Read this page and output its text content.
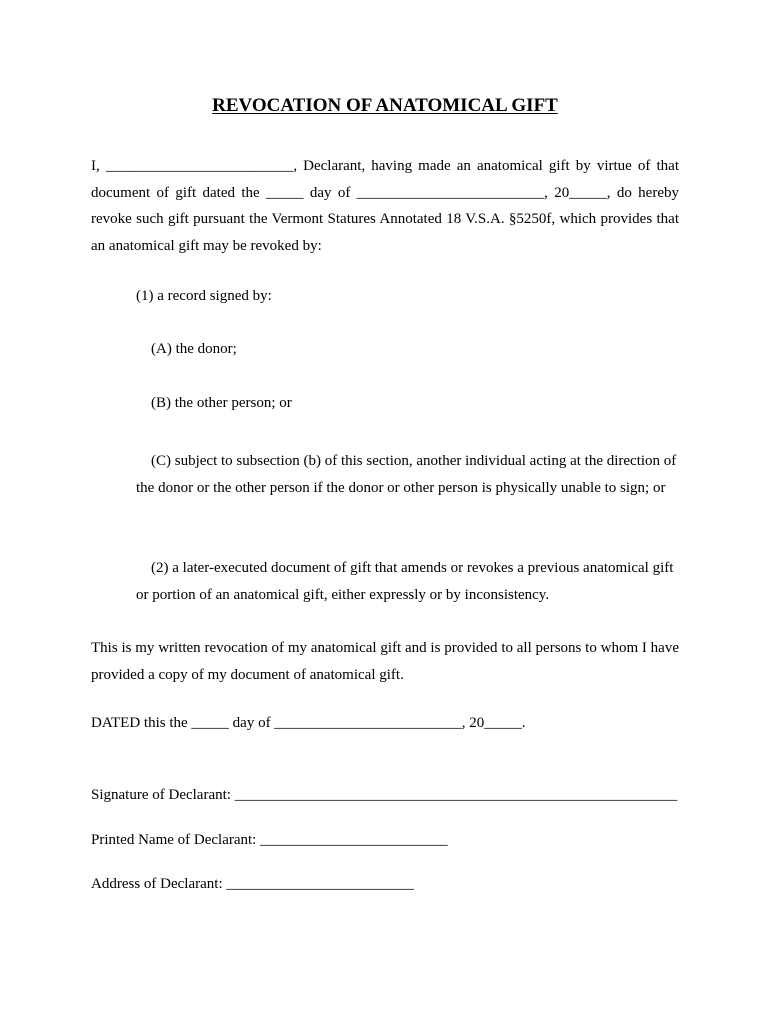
REVOCATION OF ANATOMICAL GIFT

I, _________________________, Declarant, having made an anatomical gift by virtue of that document of gift dated the _____ day of _________________________, 20_____, do hereby revoke such gift pursuant the Vermont Statures Annotated 18 V.S.A. §5250f, which provides that an anatomical gift may be revoked by:

(1) a record signed by:

(A) the donor;

(B) the other person; or

(C) subject to subsection (b) of this section, another individual acting at the direction of the donor or the other person if the donor or other person is physically unable to sign; or

(2) a later-executed document of gift that amends or revokes a previous anatomical gift or portion of an anatomical gift, either expressly or by inconsistency.

This is my written revocation of my anatomical gift and is provided to all persons to whom I have provided a copy of my document of anatomical gift.

DATED this the _____ day of _________________________, 20_____.

Signature of Declarant: ___________________________________________________________

Printed Name of Declarant: _________________________

Address of Declarant: _________________________
